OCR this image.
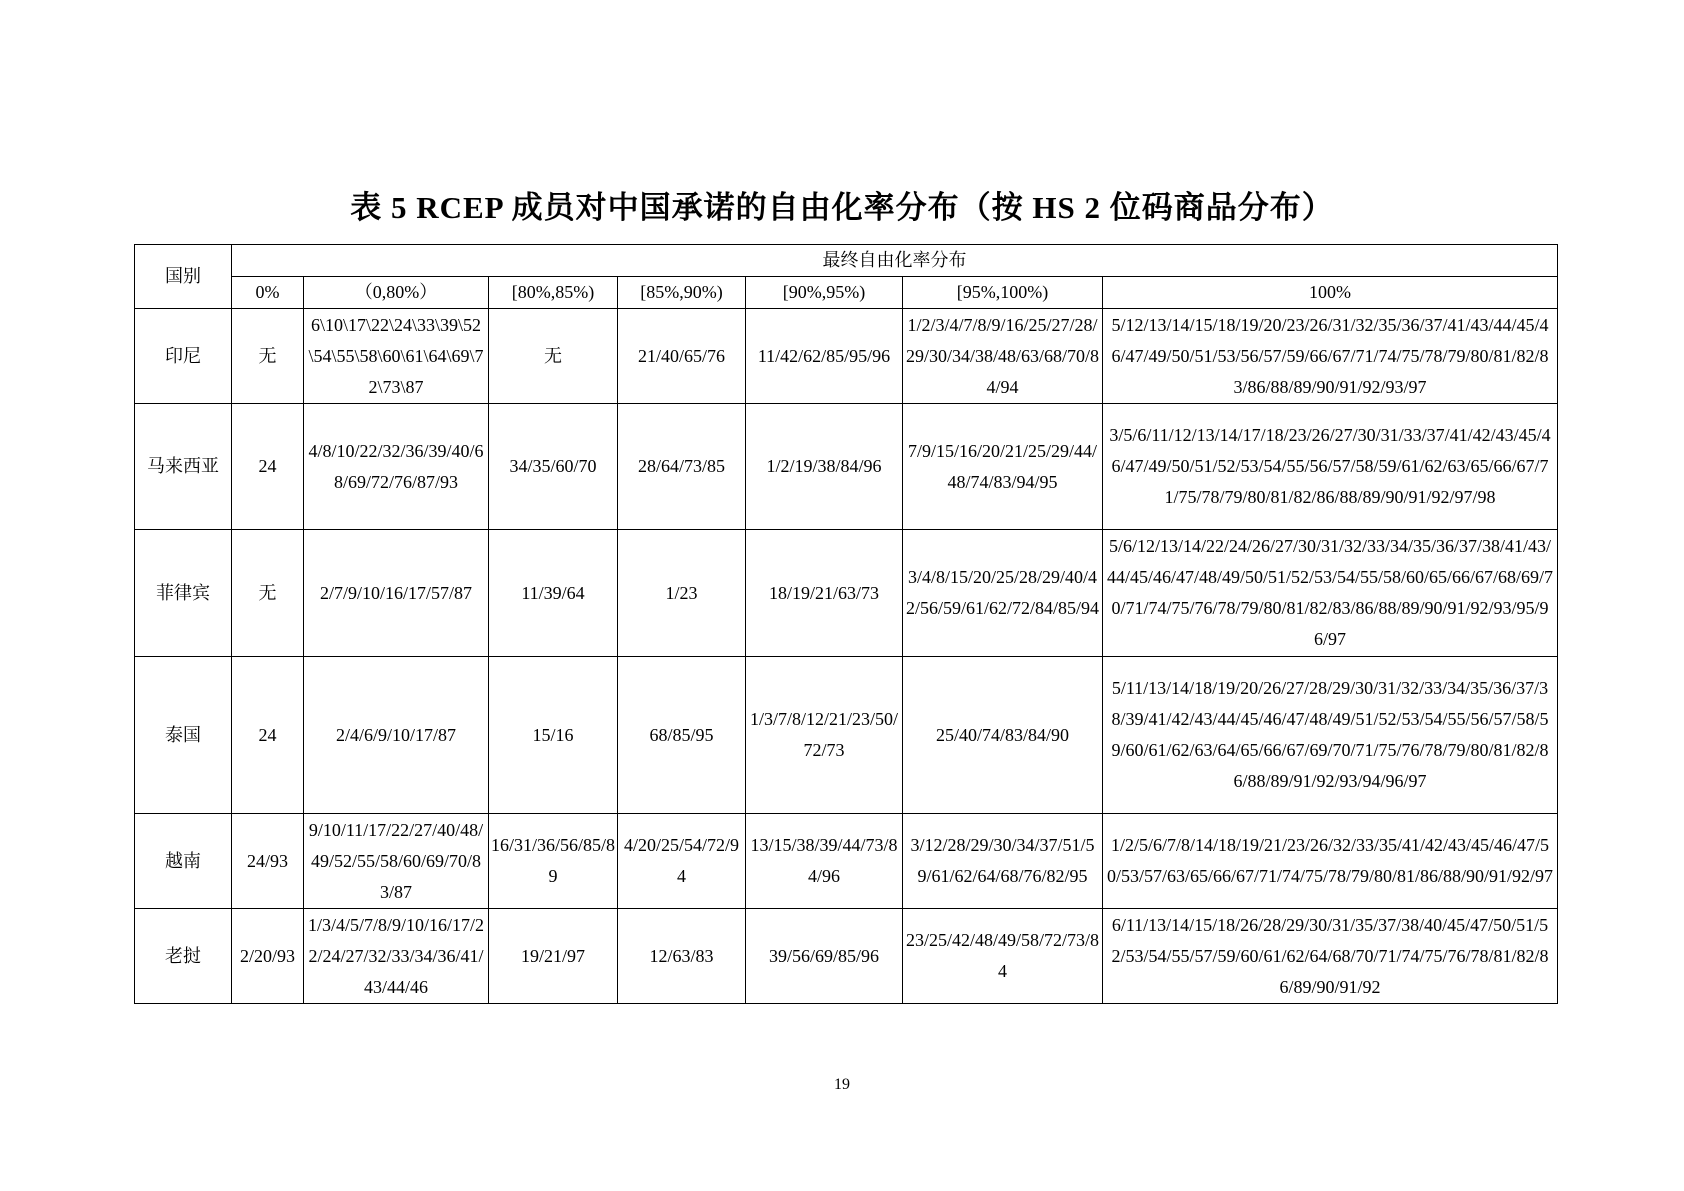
表 5 RCEP 成员对中国承诺的自由化率分布（按 HS 2 位码商品分布）
国别	最终自由化率分布						
	0%	（0,80%）	[80%,85%)	[85%,90%)	[90%,95%)	[95%,100%)	100%
印尼	无	6\10\17\22\24\33\39\52\54\55\58\60\61\64\69\72\73\87	无	21/40/65/76	11/42/62/85/95/96	1/2/3/4/7/8/9/16/25/27/28/29/30/34/38/48/63/68/70/84/94	5/12/13/14/15/18/19/20/23/26/31/32/35/36/37/41/43/44/45/46/47/49/50/51/53/56/57/59/66/67/71/74/75/78/79/80/81/82/83/86/88/89/90/91/92/93/97
马来西亚	24	4/8/10/22/32/36/39/40/68/69/72/76/87/93	34/35/60/70	28/64/73/85	1/2/19/38/84/96	7/9/15/16/20/21/25/29/44/48/74/83/94/95	3/5/6/11/12/13/14/17/18/23/26/27/30/31/33/37/41/42/43/45/46/47/49/50/51/52/53/54/55/56/57/58/59/61/62/63/65/66/67/71/75/78/79/80/81/82/86/88/89/90/91/92/97/98
菲律宾	无	2/7/9/10/16/17/57/87	11/39/64	1/23	18/19/21/63/73	3/4/8/15/20/25/28/29/40/42/56/59/61/62/72/84/85/94	5/6/12/13/14/22/24/26/27/30/31/32/33/34/35/36/37/38/41/43/44/45/46/47/48/49/50/51/52/53/54/55/58/60/65/66/67/68/69/70/71/74/75/76/78/79/80/81/82/83/86/88/89/90/91/92/93/95/96/97
泰国	24	2/4/6/9/10/17/87	15/16	68/85/95	1/3/7/8/12/21/23/50/72/73	25/40/74/83/84/90	5/11/13/14/18/19/20/26/27/28/29/30/31/32/33/34/35/36/37/38/39/41/42/43/44/45/46/47/48/49/51/52/53/54/55/56/57/58/59/60/61/62/63/64/65/66/67/69/70/71/75/76/78/79/80/81/82/86/88/89/91/92/93/94/96/97
越南	24/93	9/10/11/17/22/27/40/48/49/52/55/58/60/69/70/83/87	16/31/36/56/85/89	4/20/25/54/72/94	13/15/38/39/44/73/84/96	3/12/28/29/30/34/37/51/59/61/62/64/68/76/82/95	1/2/5/6/7/8/14/18/19/21/23/26/32/33/35/41/42/43/45/46/47/50/53/57/63/65/66/67/71/74/75/78/79/80/81/86/88/90/91/92/97
老挝	2/20/93	1/3/4/5/7/8/9/10/16/17/22/24/27/32/33/34/36/41/43/44/46	19/21/97	12/63/83	39/56/69/85/96	23/25/42/48/49/58/72/73/84	6/11/13/14/15/18/26/28/29/30/31/35/37/38/40/45/47/50/51/52/53/54/55/57/59/60/61/62/64/68/70/71/74/75/76/78/81/82/86/89/90/91/92
19
